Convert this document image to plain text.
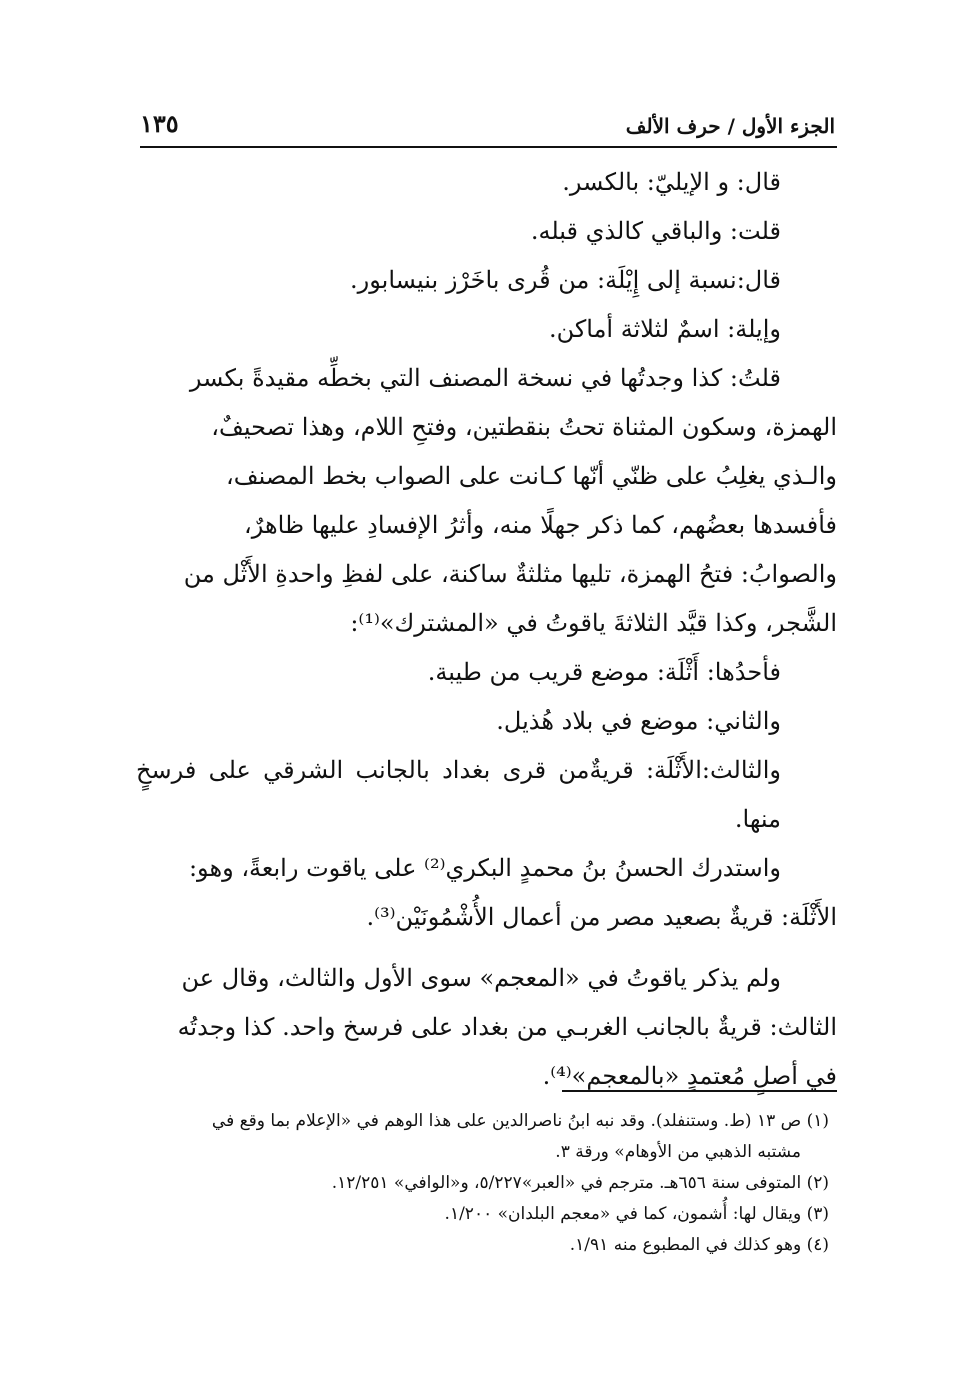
الجزء الأول / حرف الألف
١٣٥

قال: و الإيليّ: بالكسر.

قلت: والباقي كالذي قبله.

قال:نسبة إلى إِيْلَة: من قُرى باخَرْز بنيسابور.

وإيلة: اسمٌ لثلاثة أماكن.

قلتُ: كذا وجدتُها في نسخة المصنف التي بخطِّه مقيدةً بكسر

الهمزة، وسكون المثناة تحتُ بنقطتين، وفتحِ اللام، وهذا تصحيفٌ،

والـذي يغلِبُ على ظنّي أنّها كـانت على الصواب بخط المصنف،

فأفسدها بعضُهم، كما ذكر جهلًا منه، وأثرُ الإفسادِ عليها ظاهرٌ،

والصوابُ: فتحُ الهمزة، تليها مثلثةٌ ساكنة، على لفظِ واحدةِ الأَثْل من

الشَّجر، وكذا قيَّد الثلاثةَ ياقوتُ في «المشترك»⁽¹⁾:

فأحدُها: أَثْلَة: موضع قريب من طيبة.

والثاني: موضع في بلاد هُذيل.

والثالث:الأَثْلَة: قريةٌمن قرى بغداد بالجانب الشرقي على فرسخٍ منها.

واستدرك الحسنُ بنُ محمدٍ البكري⁽²⁾ على ياقوت رابعةً، وهو:

الأَثْلَة: قريةٌ بصعيد مصر من أعمال الأُشْمُونَيْن⁽³⁾.

ولم يذكر ياقوتُ في «المعجم» سوى الأول والثالث، وقال عن

الثالث: قريةٌ بالجانب الغربـي من بغداد على فرسخ واحد. كذا وجدتُه

في أصلٍ مُعتمدٍ «بالمعجم»⁽⁴⁾.

(١) ص ١٣ (ط. وستنفلد). وقد نبه ابنُ ناصرالدين على هذا الوهم في «الإعلام بما وقع في

مشتبه الذهبي من الأوهام» ورقة ٣.

(٢) المتوفى سنة ٦٥٦هـ. مترجم في «العبر»٥/٢٢٧، و«الوافي» ١٢/٢٥١.

(٣) ويقال لها: أُشمون، كما في «معجم البلدان» ١/٢٠٠.

(٤) وهو كذلك في المطبوع منه ١/٩١.
